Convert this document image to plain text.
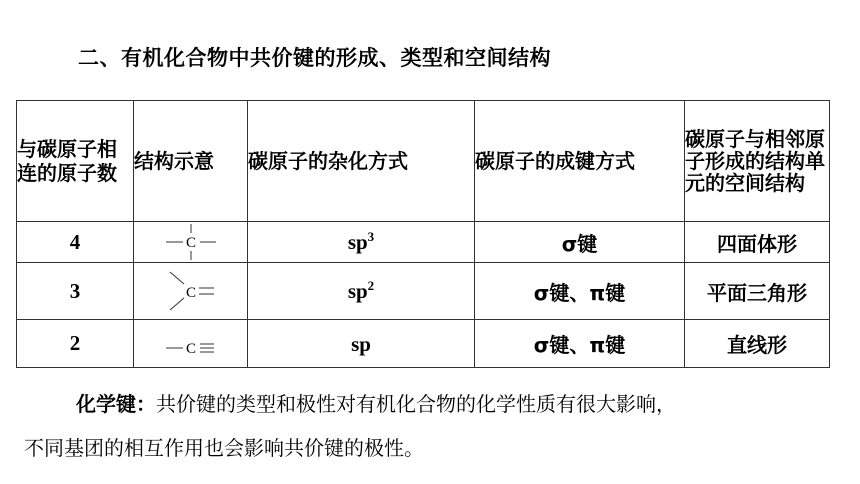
二、有机化合物中共价键的形成、类型和空间结构
与碳原子相连的原子数	结构示意	碳原子的杂化方式	碳原子的成键方式	碳原子与相邻原子形成的结构单元的空间结构
4	C	$sp^3$	σ键	四面体形
3	C	$sp^2$	σ键、π键	平面三角形
2	C	sp	σ键、π键	直线形
化学键：共价键的类型和极性对有机化合物的化学性质有很大影响，
不同基团的相互作用也会影响共价键的极性。
